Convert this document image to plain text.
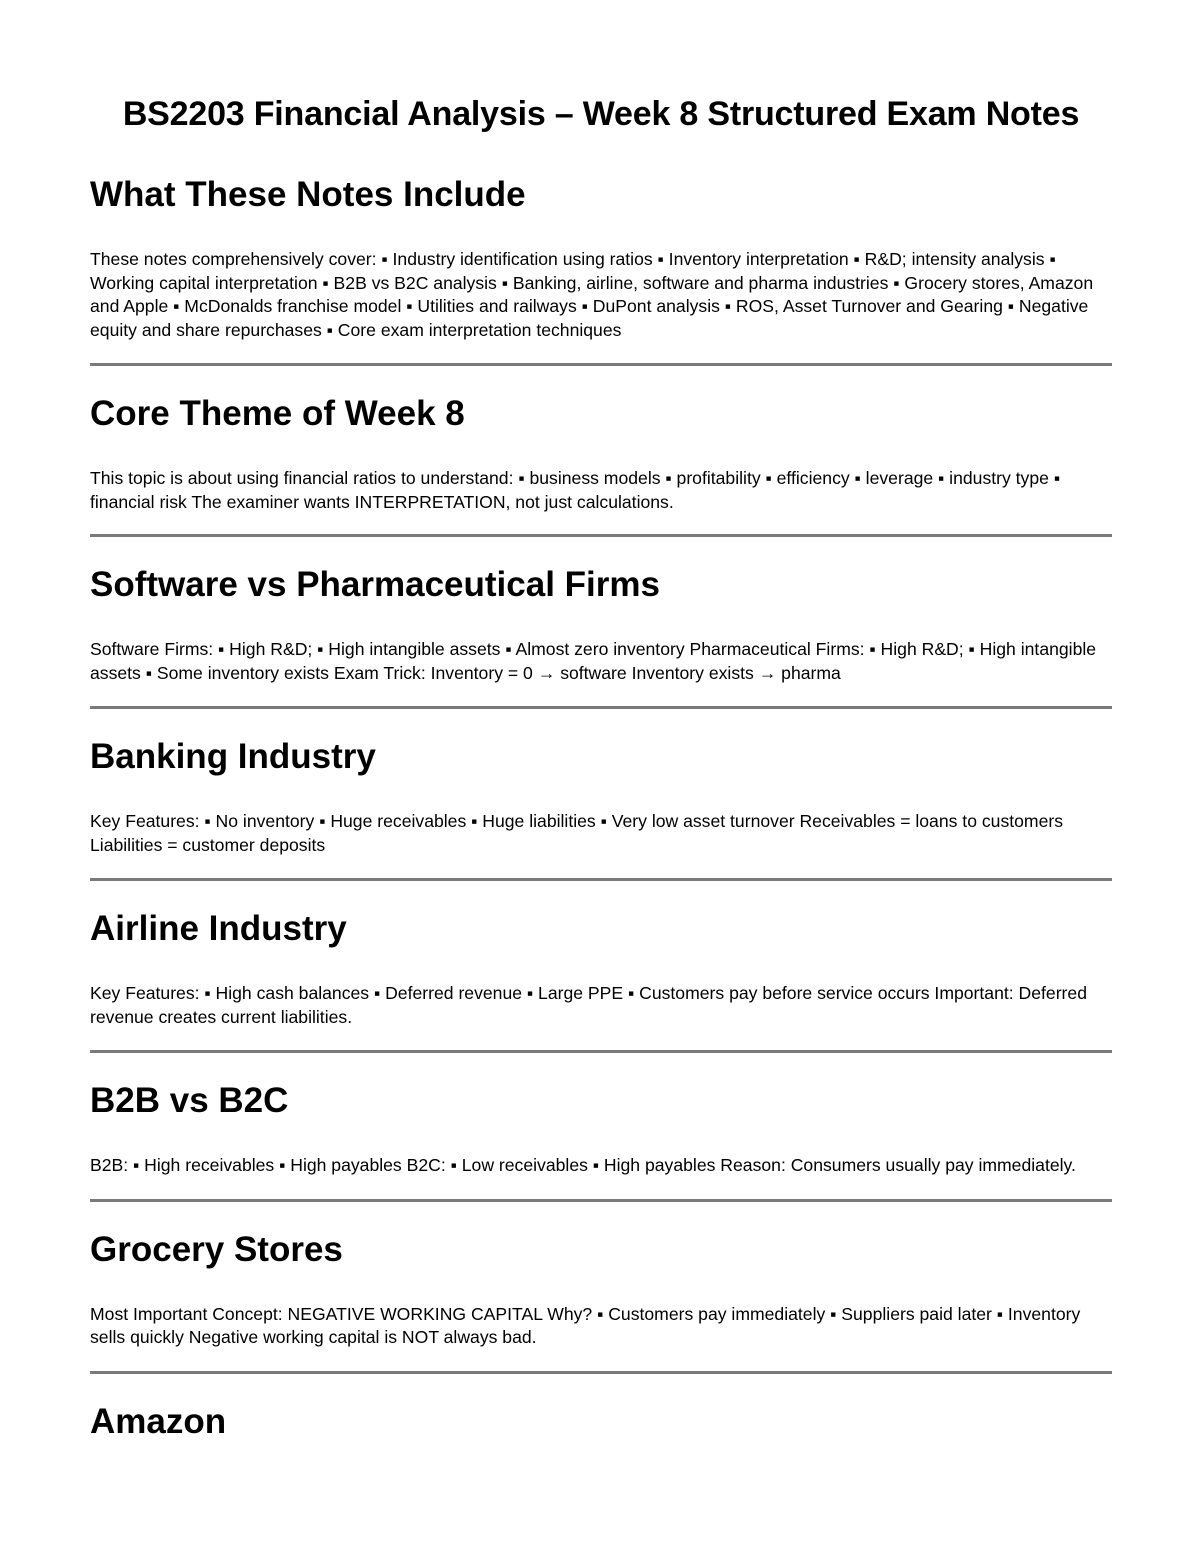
BS2203 Financial Analysis – Week 8 Structured Exam Notes
What These Notes Include

These notes comprehensively cover: ▪ Industry identification using ratios ▪ Inventory interpretation ▪ R&D; intensity analysis ▪ Working capital interpretation ▪ B2B vs B2C analysis ▪ Banking, airline, software and pharma industries ▪ Grocery stores, Amazon and Apple ▪ McDonalds franchise model ▪ Utilities and railways ▪ DuPont analysis ▪ ROS, Asset Turnover and Gearing ▪ Negative equity and share repurchases ▪ Core exam interpretation techniques

Core Theme of Week 8

This topic is about using financial ratios to understand: ▪ business models ▪ profitability ▪ efficiency ▪ leverage ▪ industry type ▪ financial risk The examiner wants INTERPRETATION, not just calculations.

Software vs Pharmaceutical Firms

Software Firms: ▪ High R&D; ▪ High intangible assets ▪ Almost zero inventory Pharmaceutical Firms: ▪ High R&D; ▪ High intangible assets ▪ Some inventory exists Exam Trick: Inventory = 0 → software Inventory exists → pharma

Banking Industry

Key Features: ▪ No inventory ▪ Huge receivables ▪ Huge liabilities ▪ Very low asset turnover Receivables = loans to customers Liabilities = customer deposits

Airline Industry

Key Features: ▪ High cash balances ▪ Deferred revenue ▪ Large PPE ▪ Customers pay before service occurs Important: Deferred revenue creates current liabilities.

B2B vs B2C

B2B: ▪ High receivables ▪ High payables B2C: ▪ Low receivables ▪ High payables Reason: Consumers usually pay immediately.

Grocery Stores

Most Important Concept: NEGATIVE WORKING CAPITAL Why? ▪ Customers pay immediately ▪ Suppliers paid later ▪ Inventory sells quickly Negative working capital is NOT always bad.

Amazon
